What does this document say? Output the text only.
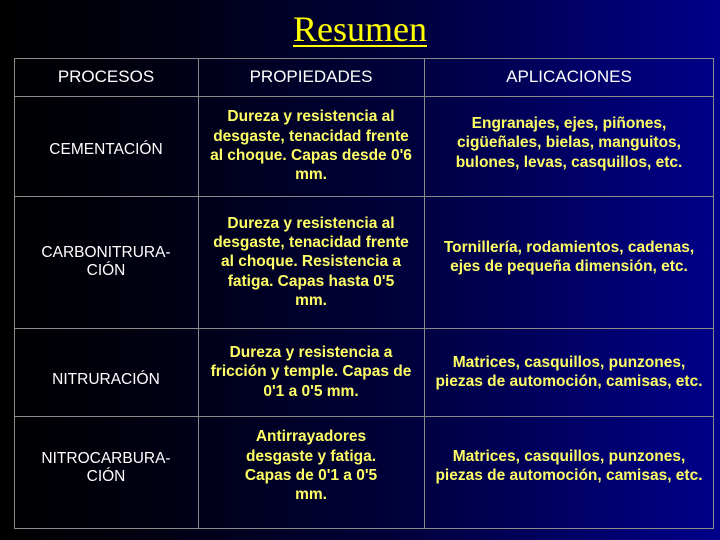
Resumen
PROCESOS	PROPIEDADES	APLICACIONES
CEMENTACIÓN
Dureza y resistencia al desgaste, tenacidad frente al choque. Capas desde 0'6 mm.
Engranajes, ejes, piñones, cigüeñales, bielas, manguitos, bulones, levas, casquillos, etc.
CARBONITRURA-CIÓN
Dureza y resistencia al desgaste, tenacidad frente al choque. Resistencia a fatiga. Capas hasta 0'5 mm.
Tornillería, rodamientos, cadenas, ejes de pequeña dimensión, etc.
NITRURACIÓN
Dureza y resistencia a fricción y temple. Capas de 0'1 a 0'5 mm.
Matrices, casquillos, punzones, piezas de automoción, camisas, etc.
NITROCARBURA-CIÓN
Antirrayadores desgaste y fatiga. Capas de 0'1 a 0'5 mm.
Matrices, casquillos, punzones, piezas de automoción, camisas, etc.
